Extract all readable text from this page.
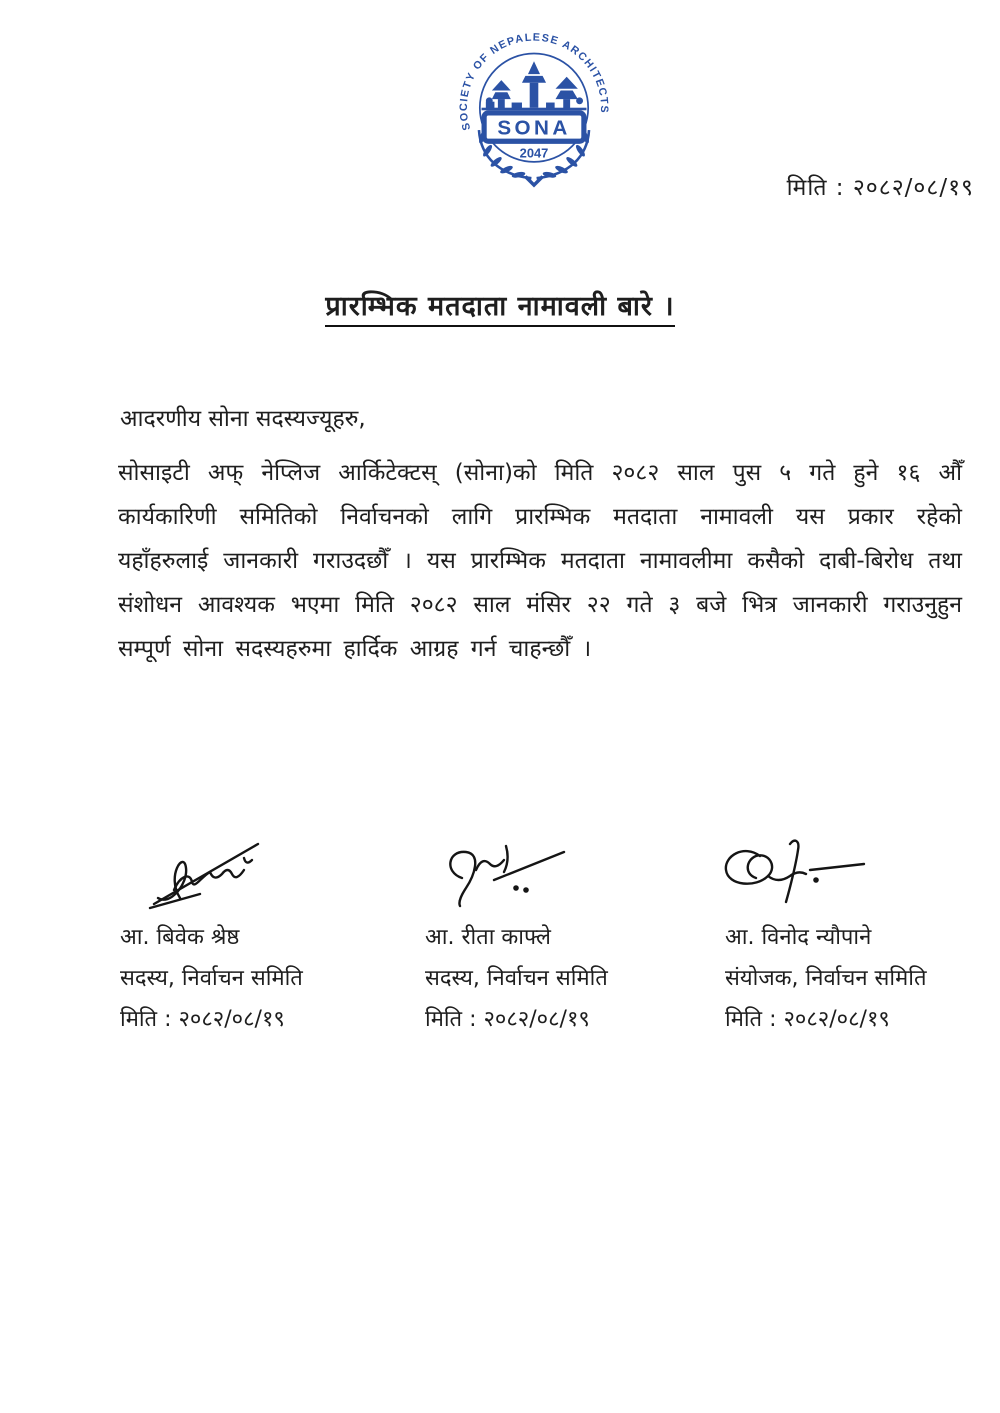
SOCIETY OF NEPALESE ARCHITECTS
SONA
2047
मिति : २०८२/०८/१९
प्रारम्भिक मतदाता नामावली बारे ।
आदरणीय सोना सदस्यज्यूहरु,
सोसाइटी अफ् नेप्लिज आर्किटेक्टस् (सोना)को मिति २०८२ साल पुस ५ गते हुने १६ औँ कार्यकारिणी समितिको निर्वाचनको लागि प्रारम्भिक मतदाता नामावली यस प्रकार रहेको यहाँहरुलाई जानकारी गराउदछौँ । यस प्रारम्भिक मतदाता नामावलीमा कसैको दाबी-बिरोध तथा संशोधन आवश्यक भएमा मिति २०८२ साल मंसिर २२ गते ३ बजे भित्र जानकारी गराउनुहुन सम्पूर्ण सोना सदस्यहरुमा हार्दिक आग्रह गर्न चाहन्छौँ ।
आ. बिवेक श्रेष्ठ
सदस्य, निर्वाचन समिति
मिति : २०८२/०८/१९
आ. रीता काफ्ले
सदस्य, निर्वाचन समिति
मिति : २०८२/०८/१९
आ. विनोद न्यौपाने
संयोजक, निर्वाचन समिति
मिति : २०८२/०८/१९
